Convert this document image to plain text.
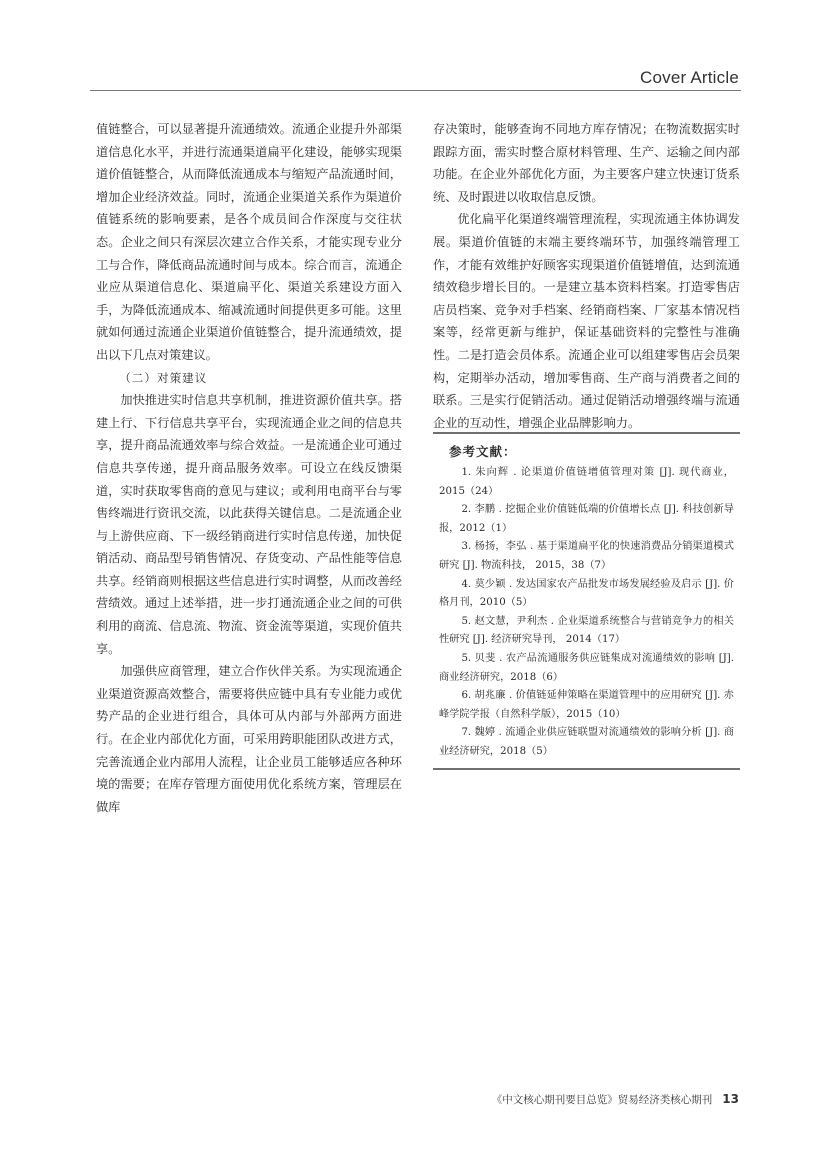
Cover Article

值链整合，可以显著提升流通绩效。流通企业提升外部渠道信息化水平，并进行流通渠道扁平化建设，能够实现渠道价值链整合，从而降低流通成本与缩短产品流通时间，增加企业经济效益。同时，流通企业渠道关系作为渠道价值链系统的影响要素，是各个成员间合作深度与交往状态。企业之间只有深层次建立合作关系，才能实现专业分工与合作，降低商品流通时间与成本。综合而言，流通企业应从渠道信息化、渠道扁平化、渠道关系建设方面入手，为降低流通成本、缩减流通时间提供更多可能。这里就如何通过流通企业渠道价值链整合，提升流通绩效，提出以下几点对策建议。

（二）对策建议

加快推进实时信息共享机制，推进资源价值共享。搭建上行、下行信息共享平台，实现流通企业之间的信息共享，提升商品流通效率与综合效益。一是流通企业可通过信息共享传递，提升商品服务效率。可设立在线反馈渠道，实时获取零售商的意见与建议；或利用电商平台与零售终端进行资讯交流，以此获得关键信息。二是流通企业与上游供应商、下一级经销商进行实时信息传递，加快促销活动、商品型号销售情况、存货变动、产品性能等信息共享。经销商则根据这些信息进行实时调整，从而改善经营绩效。通过上述举措，进一步打通流通企业之间的可供利用的商流、信息流、物流、资金流等渠道，实现价值共享。

加强供应商管理，建立合作伙伴关系。为实现流通企业渠道资源高效整合，需要将供应链中具有专业能力或优势产品的企业进行组合，具体可从内部与外部两方面进行。在企业内部优化方面，可采用跨职能团队改进方式，完善流通企业内部用人流程，让企业员工能够适应各种环境的需要；在库存管理方面使用优化系统方案，管理层在做库

存决策时，能够查询不同地方库存情况；在物流数据实时跟踪方面，需实时整合原材料管理、生产、运输之间内部功能。在企业外部优化方面，为主要客户建立快速订货系统、及时跟进以收取信息反馈。

优化扁平化渠道终端管理流程，实现流通主体协调发展。渠道价值链的末端主要终端环节，加强终端管理工作，才能有效维护好顾客实现渠道价值链增值，达到流通绩效稳步增长目的。一是建立基本资料档案。打造零售店店员档案、竞争对手档案、经销商档案、厂家基本情况档案等，经常更新与维护，保证基础资料的完整性与准确性。二是打造会员体系。流通企业可以组建零售店会员架构，定期举办活动，增加零售商、生产商与消费者之间的联系。三是实行促销活动。通过促销活动增强终端与流通企业的互动性，增强企业品牌影响力。

参考文献：
1. 朱向辉 . 论渠道价值链增值管理对策 [J]. 现代商业，2015（24）
2. 李鹏 . 挖掘企业价值链低端的价值增长点 [J]. 科技创新导报，2012（1）
3. 杨扬，李弘 . 基于渠道扁平化的快速消费品分销渠道模式研究 [J]. 物流科技， 2015，38（7）
4. 莫少颖 . 发达国家农产品批发市场发展经验及启示 [J]. 价格月刊，2010（5）
5. 赵文慧，尹利杰 . 企业渠道系统整合与营销竞争力的相关性研究 [J]. 经济研究导刊， 2014（17）
5. 贝斐 . 农产品流通服务供应链集成对流通绩效的影响 [J]. 商业经济研究，2018（6）
6. 胡兆廉 . 价值链延伸策略在渠道管理中的应用研究 [J]. 赤峰学院学报（自然科学版），2015（10）
7. 魏婷 . 流通企业供应链联盟对流通绩效的影响分析 [J]. 商业经济研究，2018（5）
《中文核心期刊要目总览》贸易经济类核心期刊 13
